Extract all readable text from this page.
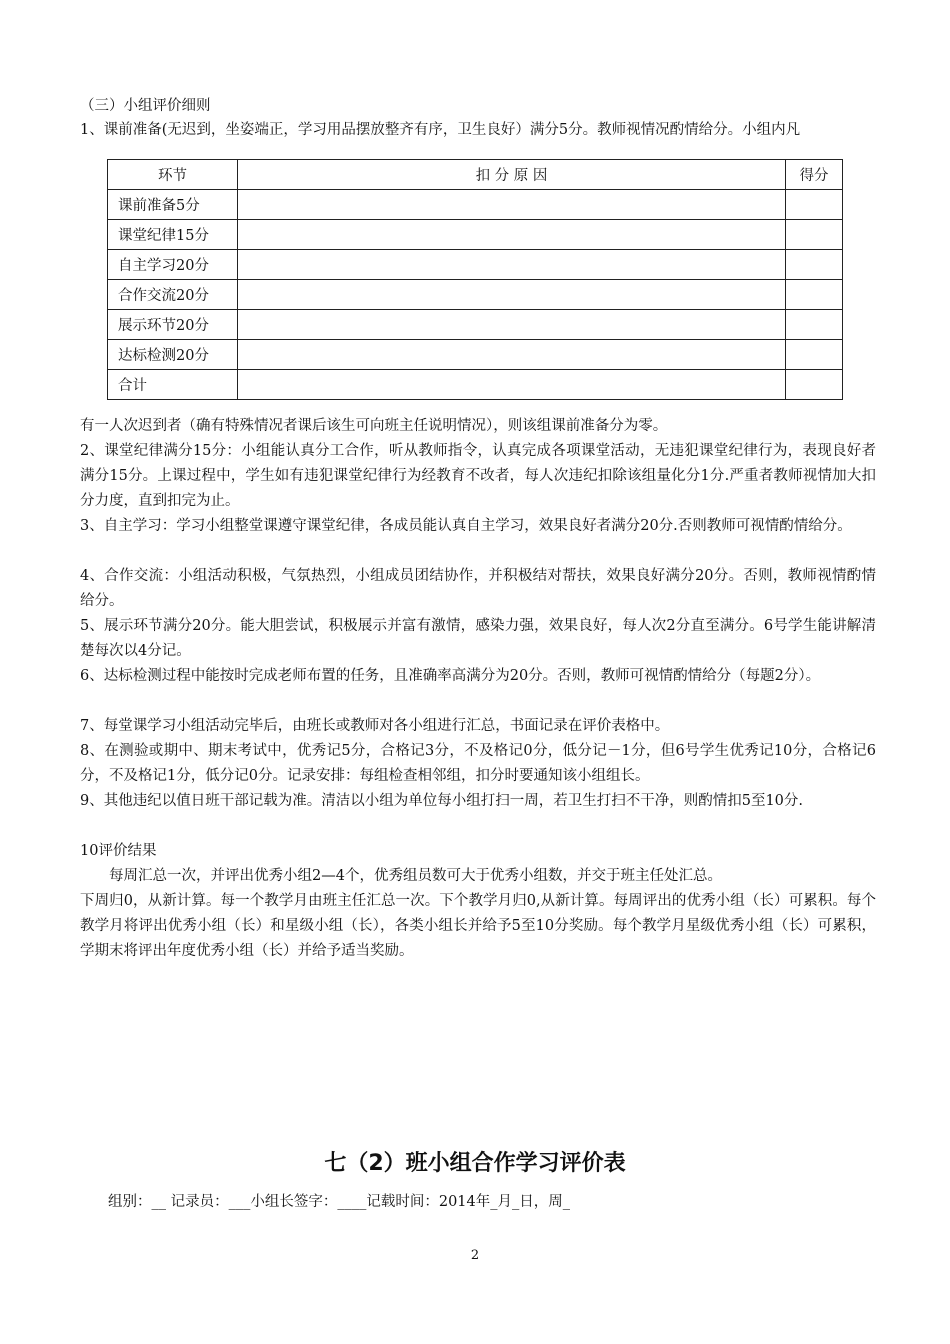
（三）小组评价细则
1、课前准备(无迟到，坐姿端正，学习用品摆放整齐有序，卫生良好）满分5分。教师视情况酌情给分。小组内凡
环节	扣 分 原 因	得分
课前准备5分		
课堂纪律15分		
自主学习20分		
合作交流20分		
展示环节20分		
达标检测20分		
合计		
有一人次迟到者（确有特殊情况者课后该生可向班主任说明情况），则该组课前准备分为零。
2、课堂纪律满分15分：小组能认真分工合作，听从教师指令，认真完成各项课堂活动，无违犯课堂纪律行为，表现良好者满分15分。上课过程中，学生如有违犯课堂纪律行为经教育不改者，每人次违纪扣除该组量化分1分.严重者教师视情加大扣分力度，直到扣完为止。
3、自主学习：学习小组整堂课遵守课堂纪律，各成员能认真自主学习，效果良好者满分20分.否则教师可视情酌情给分。
4、合作交流：小组活动积极，气氛热烈，小组成员团结协作，并积极结对帮扶，效果良好满分20分。否则，教师视情酌情给分。
5、展示环节满分20分。能大胆尝试，积极展示并富有激情，感染力强，效果良好，每人次2分直至满分。6号学生能讲解清楚每次以4分记。
6、达标检测过程中能按时完成老师布置的任务，且准确率高满分为20分。否则，教师可视情酌情给分（每题2分）。
7、每堂课学习小组活动完毕后，由班长或教师对各小组进行汇总，书面记录在评价表格中。
8、在测验或期中、期末考试中，优秀记5分，合格记3分，不及格记0分，低分记－1分，但6号学生优秀记10分，合格记6分，不及格记1分，低分记0分。记录安排：每组检查相邻组，扣分时要通知该小组组长。
9、其他违纪以值日班干部记载为准。清洁以小组为单位每小组打扫一周，若卫生打扫不干净，则酌情扣5至10分.
10评价结果
每周汇总一次，并评出优秀小组2—4个，优秀组员数可大于优秀小组数，并交于班主任处汇总。
下周归0，从新计算。每一个教学月由班主任汇总一次。下个教学月归0,从新计算。每周评出的优秀小组（长）可累积。每个教学月将评出优秀小组（长）和星级小组（长），各类小组长并给予5至10分奖励。每个教学月星级优秀小组（长）可累积，学期末将评出年度优秀小组（长）并给予适当奖励。
七（2）班小组合作学习评价表
组别：__ 记录员：___小组长签字：____记载时间：2014年_月_日，周_
2
